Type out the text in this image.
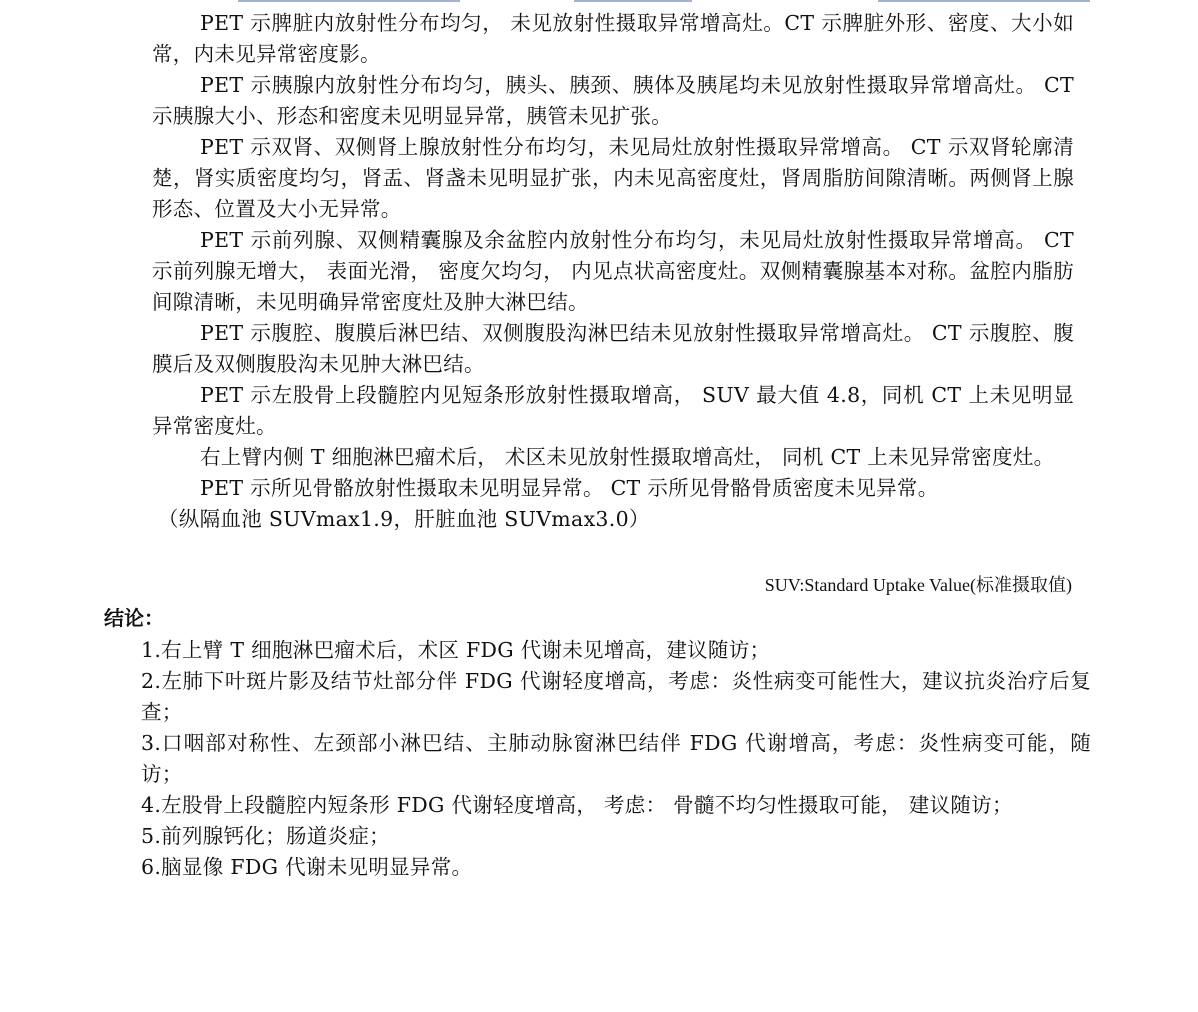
PET 示脾脏内放射性分布均匀， 未见放射性摄取异常增高灶。CT 示脾脏外形、密度、大小如常，内未见异常密度影。

PET 示胰腺内放射性分布均匀，胰头、胰颈、胰体及胰尾均未见放射性摄取异常增高灶。 CT 示胰腺大小、形态和密度未见明显异常，胰管未见扩张。

PET 示双肾、双侧肾上腺放射性分布均匀，未见局灶放射性摄取异常增高。 CT 示双肾轮廓清楚，肾实质密度均匀，肾盂、肾盏未见明显扩张，内未见高密度灶，肾周脂肪间隙清晰。两侧肾上腺形态、位置及大小无异常。

PET 示前列腺、双侧精囊腺及余盆腔内放射性分布均匀，未见局灶放射性摄取异常增高。 CT 示前列腺无增大， 表面光滑， 密度欠均匀， 内见点状高密度灶。双侧精囊腺基本对称。盆腔内脂肪间隙清晰，未见明确异常密度灶及肿大淋巴结。

PET 示腹腔、腹膜后淋巴结、双侧腹股沟淋巴结未见放射性摄取异常增高灶。 CT 示腹腔、腹膜后及双侧腹股沟未见肿大淋巴结。

PET 示左股骨上段髓腔内见短条形放射性摄取增高， SUV 最大值 4.8，同机 CT 上未见明显异常密度灶。

右上臂内侧 T 细胞淋巴瘤术后， 术区未见放射性摄取增高灶， 同机 CT 上未见异常密度灶。

PET 示所见骨骼放射性摄取未见明显异常。 CT 示所见骨骼骨质密度未见异常。

（纵隔血池 SUVmax1.9，肝脏血池 SUVmax3.0）

SUV:Standard Uptake Value(标准摄取值)
结论：
1.右上臂 T 细胞淋巴瘤术后，术区 FDG 代谢未见增高，建议随访；
2.左肺下叶斑片影及结节灶部分伴 FDG 代谢轻度增高，考虑：炎性病变可能性大，建议抗炎治疗后复查；
3.口咽部对称性、左颈部小淋巴结、主肺动脉窗淋巴结伴 FDG 代谢增高，考虑：炎性病变可能，随访；
4.左股骨上段髓腔内短条形 FDG 代谢轻度增高， 考虑： 骨髓不均匀性摄取可能， 建议随访；
5.前列腺钙化；肠道炎症；
6.脑显像 FDG 代谢未见明显异常。
